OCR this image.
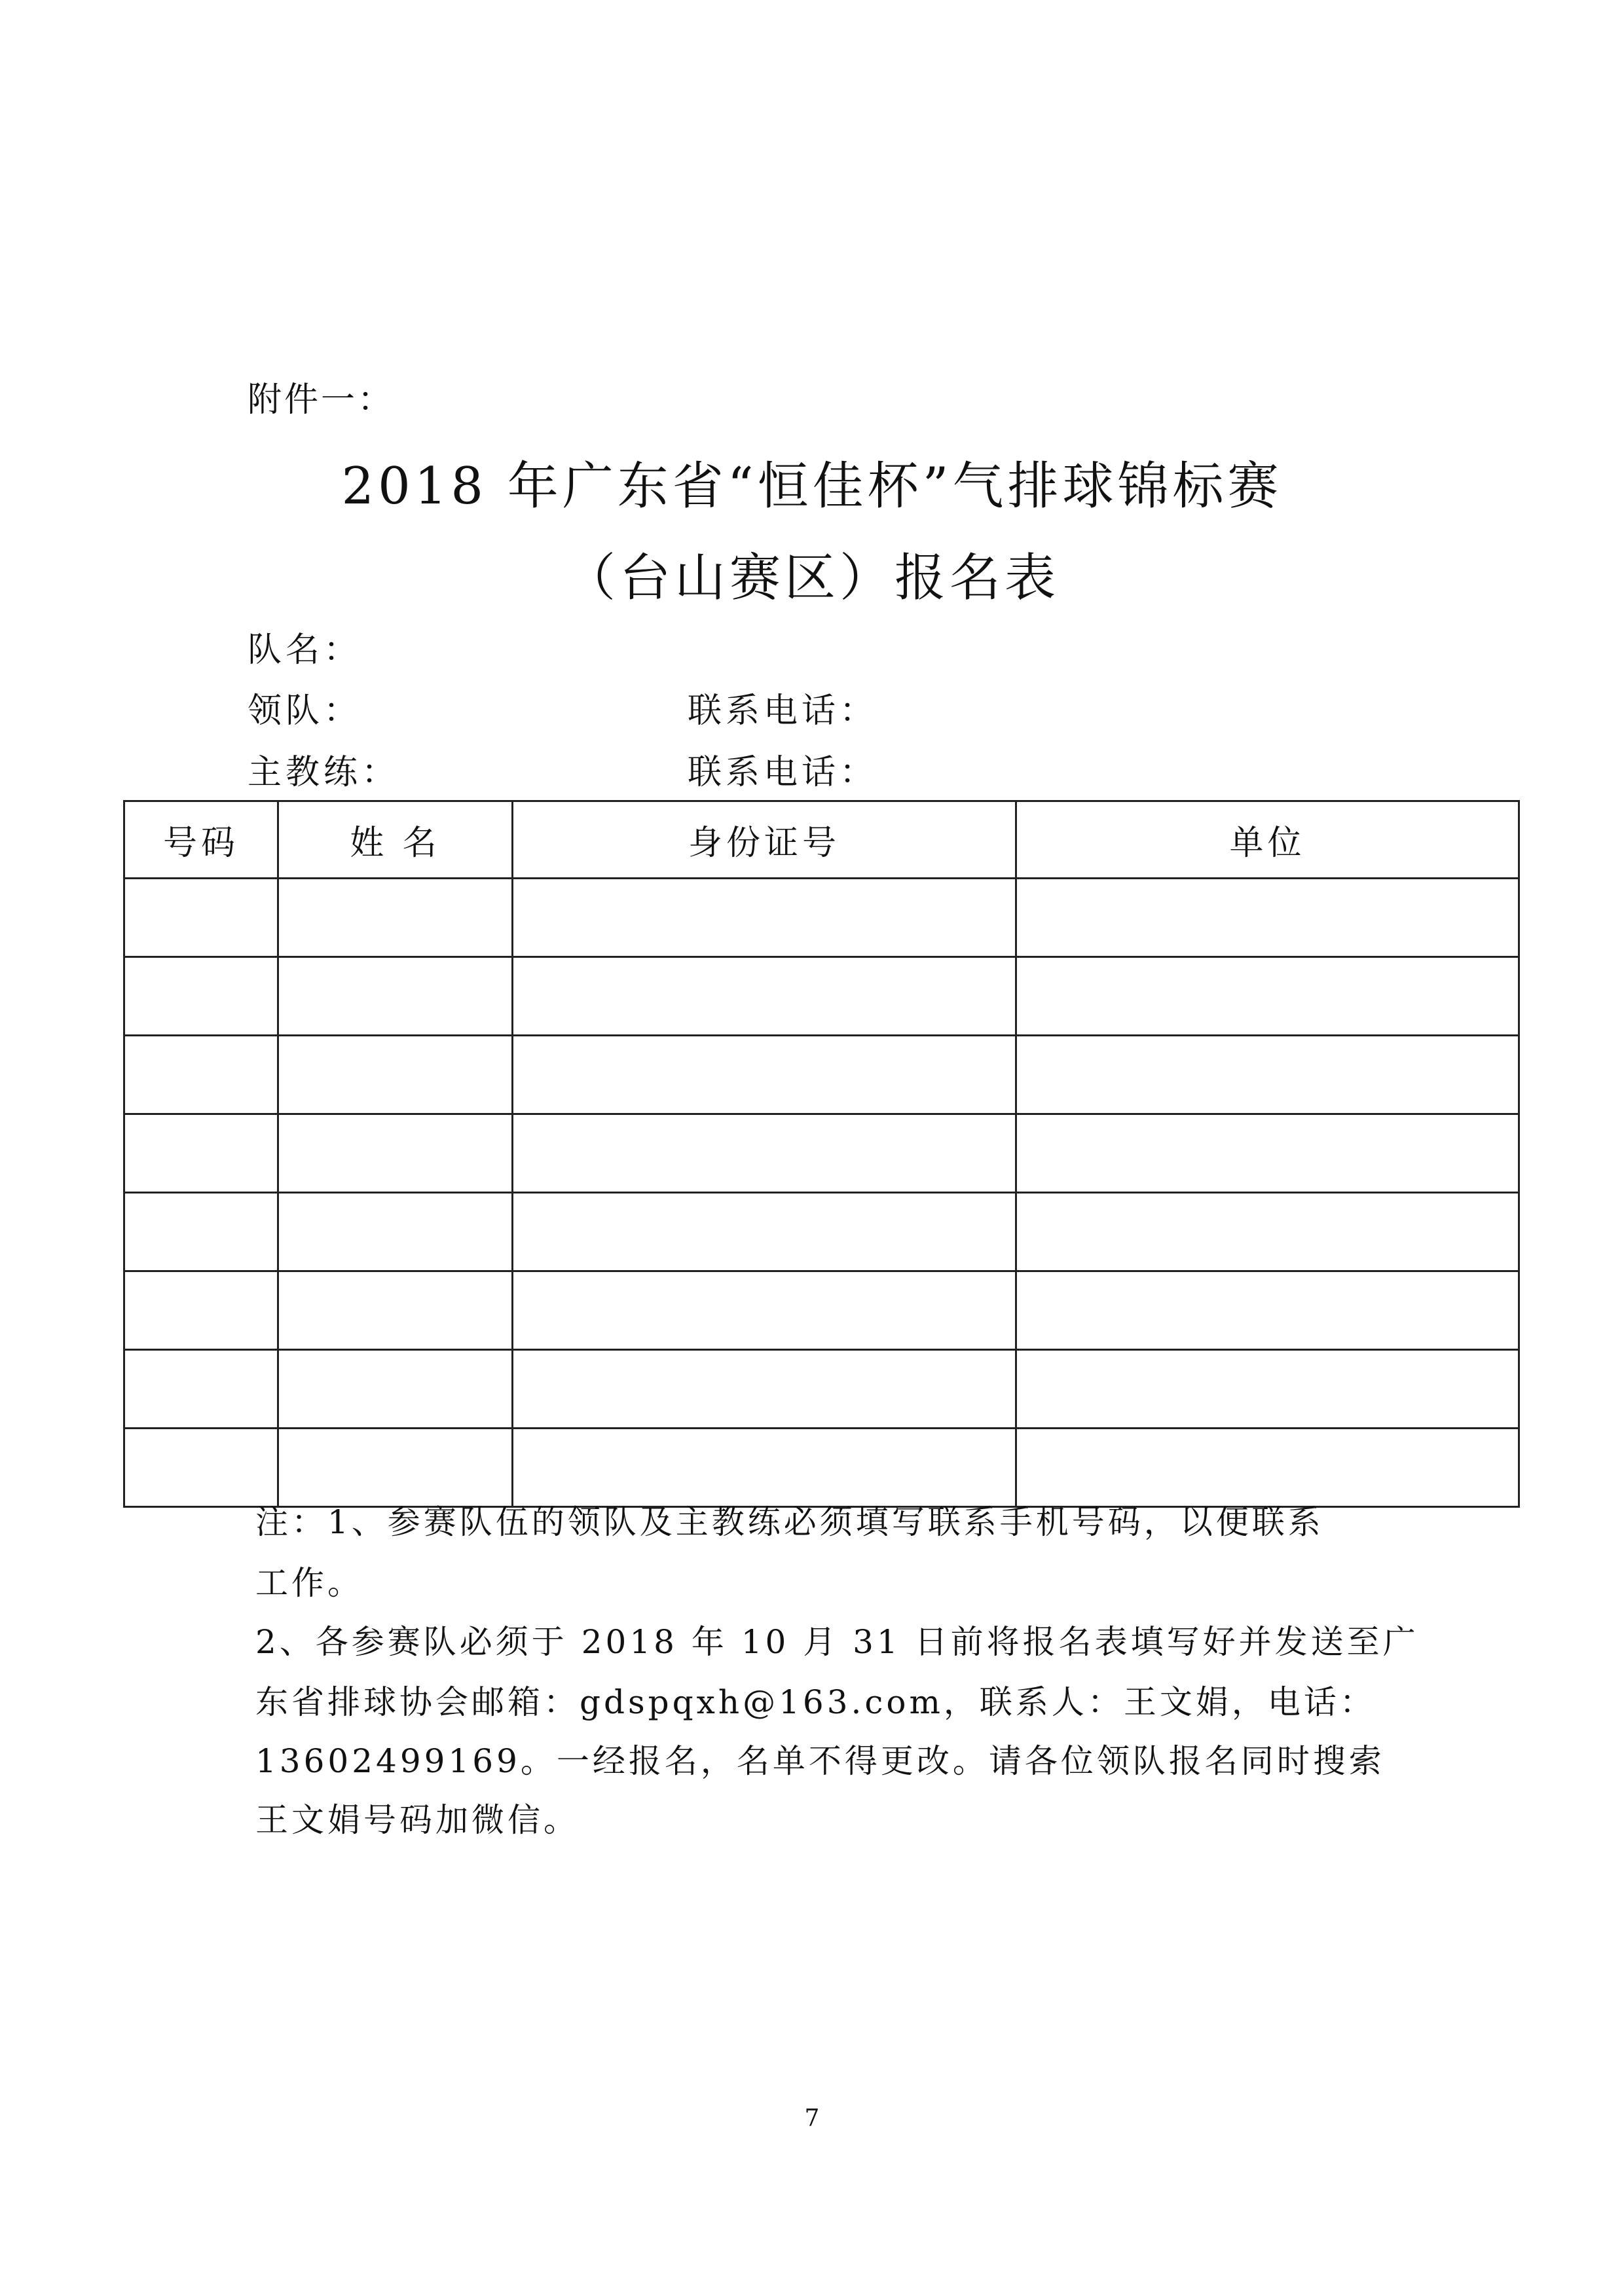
附件一：
2018 年广东省“恒佳杯”气排球锦标赛
（台山赛区）报名表
队名：
领队：	联系电话：
主教练：	联系电话：
号码	姓 名	身份证号	单位

注：1、参赛队伍的领队及主教练必须填写联系手机号码，以便联系
工作。
2、各参赛队必须于 2018 年 10 月 31 日前将报名表填写好并发送至广
东省排球协会邮箱：gdspqxh@163.com，联系人：王文娟，电话：
13602499169。一经报名，名单不得更改。请各位领队报名同时搜索
王文娟号码加微信。
7
